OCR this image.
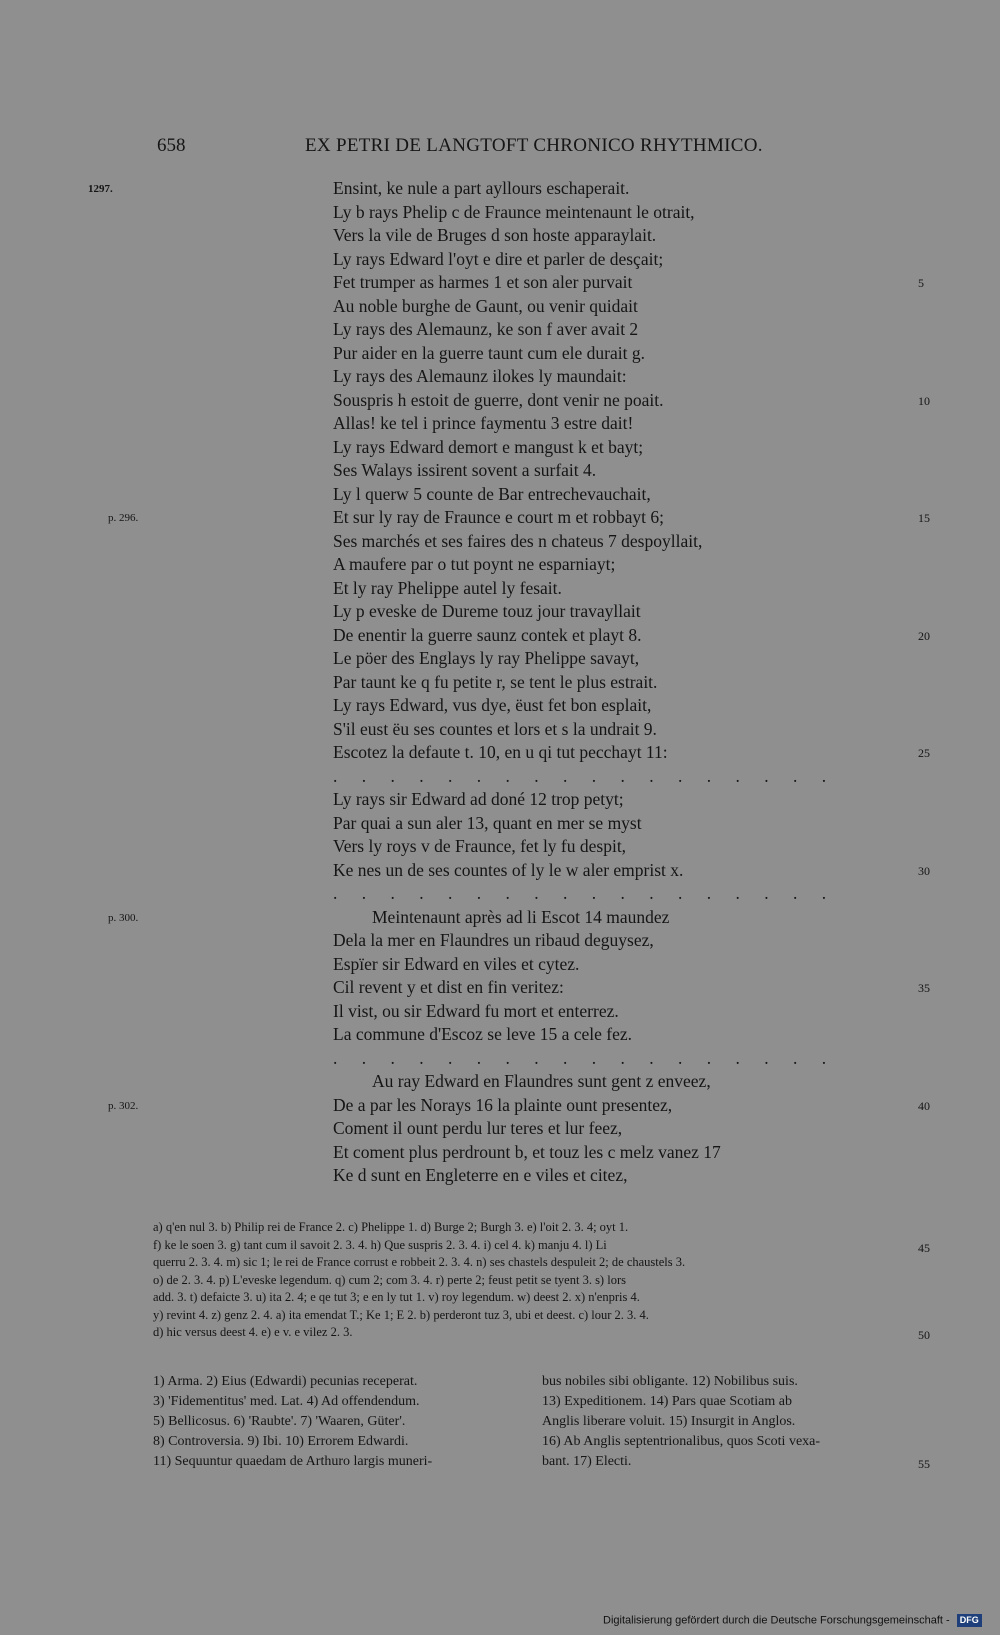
658	EX PETRI DE LANGTOFT CHRONICO RHYTHMICO.
Ensint, ke nule a part ayllours eschaperait.
1297.
Ly b rays Phelip c de Fraunce meintenaunt le otrait,
Vers la vile de Bruges d son hoste apparaylait.
Ly rays Edward l'oyt e dire et parler de desçait;
Fet trumper as harmes 1 et son aler purvait	5
Au noble burghe de Gaunt, ou venir quidait
Ly rays des Alemaunz, ke son f aver avait 2
Pur aider en la guerre taunt cum ele durait g.
Ly rays des Alemaunz ilokes ly maundait:
Souspris h estoit de guerre, dont venir ne poait.	10
Allas! ke tel i prince faymentu 3 estre dait!
Ly rays Edward demort e mangust k et bayt;
Ses Walays issirent sovent a surfait 4.
Ly l querw 5 counte de Bar entrechevauchait,
Et sur ly ray de Fraunce e court m et robbayt 6;	15
p. 296.
Ses marchés et ses faires des n chateus 7 despoyllait,
A maufere par o tut poynt ne esparniayt;
Et ly ray Phelippe autel ly fesait.
Ly p eveske de Dureme touz jour travayllait
De enentir la guerre saunz contek et playt 8.	20
Le pöer des Englays ly ray Phelippe savayt,
Par taunt ke q fu petite r, se tent le plus estrait.
Ly rays Edward, vus dye, ëust fet bon esplait,
S'il eust ëu ses countes et lors et s la undrait 9.
Escotez la defaute t. 10, en u qi tut pecchayt 11:	25
. . . . . . . . . . . . . . . . . .
Ly rays sir Edward ad doné 12 trop petyt;
Par quai a sun aler 13, quant en mer se myst
Vers ly roys v de Fraunce, fet ly fu despit,
Ke nes un de ses countes of ly le w aler emprist x.	30
. . . . . . . . . . . . . . . . . .
Meintenaunt après ad li Escot 14 maundez
p. 300.
Dela la mer en Flaundres un ribaud deguysez,
Espïer sir Edward en viles et cytez.
Cil revent y et dist en fin veritez:	35
Il vist, ou sir Edward fu mort et enterrez.
La commune d'Escoz se leve 15 a cele fez.
. . . . . . . . . . . . . . . . . .
Au ray Edward en Flaundres sunt gent z enveez,
De a par les Norays 16 la plainte ount presentez,	40
p. 302.
Coment il ount perdu lur teres et lur feez,
Et coment plus perdrount b, et touz les c melz vanez 17
Ke d sunt en Engleterre en e viles et citez,
a) q'en nul 3. b) Philip rei de France 2. c) Phelippe 1. d) Burge 2; Burgh 3. e) l'oit 2. 3. 4; oyt 1.
f) ke le soen 3. g) tant cum il savoit 2. 3. 4. h) Que suspris 2. 3. 4. i) cel 4. k) manju 4. l) Li	45
querru 2. 3. 4. m) sic 1; le rei de France corrust e robbeit 2. 3. 4. n) ses chastels despuleit 2; de chaustels 3.
o) de 2. 3. 4. p) L'eveske legendum. q) cum 2; com 3. 4. r) perte 2; feust petit se tyent 3. s) lors
add. 3. t) defaicte 3. u) ita 2. 4; e qe tut 3; e en ly tut 1. v) roy legendum. w) deest 2. x) n'enpris 4.
y) revint 4. z) genz 2. 4. a) ita emendat T.; Ke 1; E 2. b) perderont tuz 3, ubi et deest. c) lour 2. 3. 4.
d) hic versus deest 4. e) e v. e vilez 2. 3.	50
1) Arma. 2) Eius (Edwardi) pecunias receperat.
3) 'Fidementitus' med. Lat. 4) Ad offendendum.
5) Bellicosus. 6) 'Raubte'. 7) 'Waaren, Güter'.
8) Controversia. 9) Ibi. 10) Errorem Edwardi.
11) Sequuntur quaedam de Arthuro largis muneri-
bus nobiles sibi obligante. 12) Nobilibus suis.
13) Expeditionem. 14) Pars quae Scotiam ab
Anglis liberare voluit. 15) Insurgit in Anglos.
16) Ab Anglis septentrionalibus, quos Scoti vexa-
bant. 17) Electi.	55
Digitalisierung gefördert durch die Deutsche Forschungsgemeinschaft - DFG
